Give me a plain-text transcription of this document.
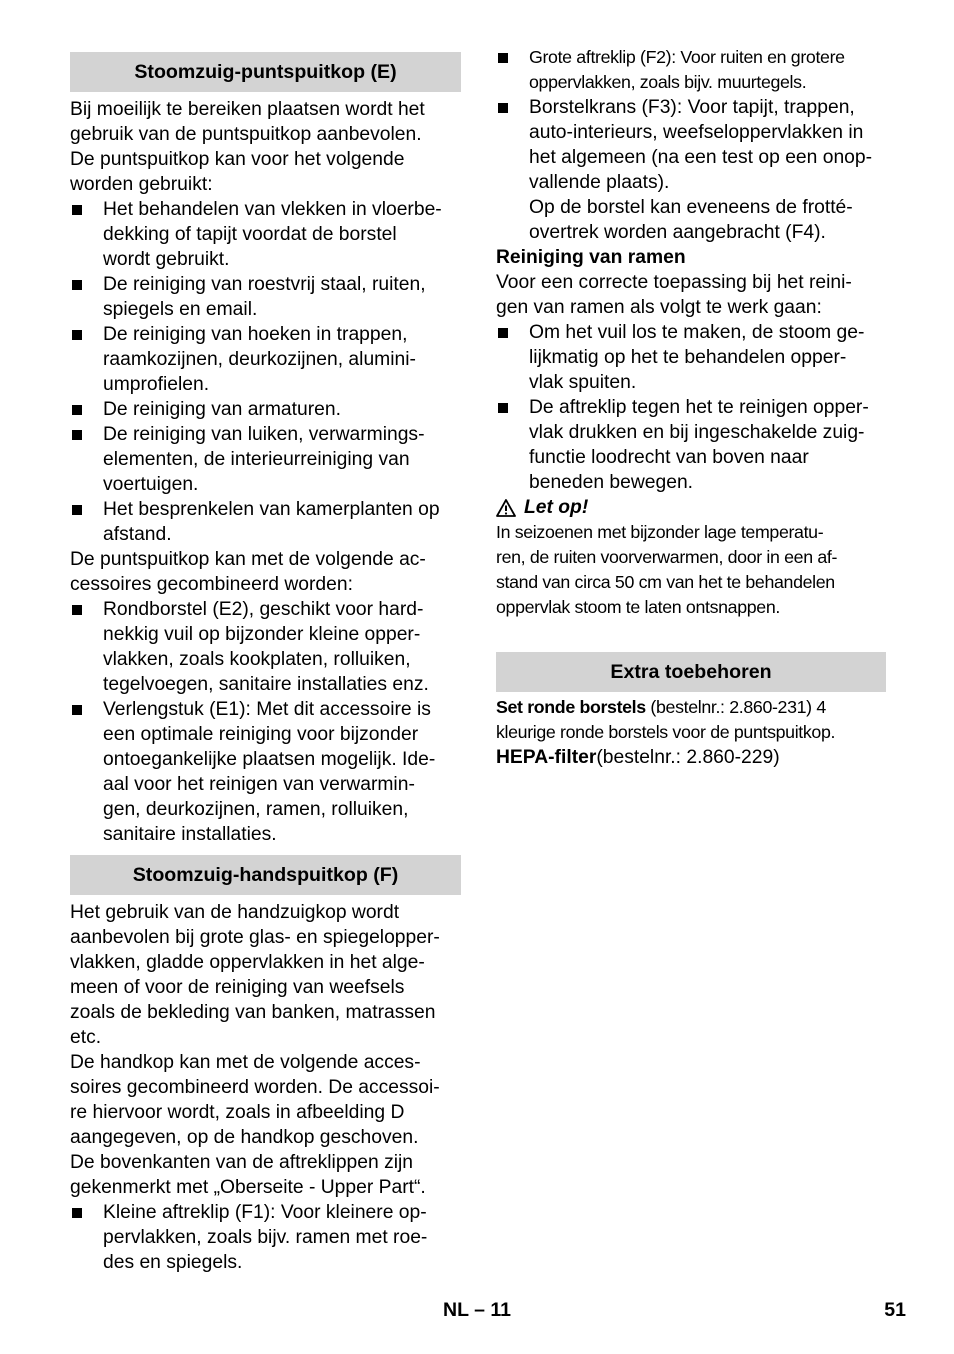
Stoomzuig-puntspuitkop (E)

Bij moeilijk te bereiken plaatsen wordt het
gebruik van de puntspuitkop aanbevolen.
De puntspuitkop kan voor het volgende
worden gebruikt:

Het behandelen van vlekken in vloerbe-
dekking of tapijt voordat de borstel
wordt gebruikt.
De reiniging van roestvrij staal, ruiten,
spiegels en email.
De reiniging van hoeken in trappen,
raamkozijnen, deurkozijnen, alumini-
umprofielen.
De reiniging van armaturen.
De reiniging van luiken, verwarmings-
elementen, de interieurreiniging van
voertuigen.
Het besprenkelen van kamerplanten op
afstand.

De puntspuitkop kan met de volgende ac-
cessoires gecombineerd worden:

Rondborstel (E2), geschikt voor hard-
nekkig vuil op bijzonder kleine opper-
vlakken, zoals kookplaten, rolluiken,
tegelvoegen, sanitaire installaties enz.
Verlengstuk (E1): Met dit accessoire is
een optimale reiniging voor bijzonder
ontoegankelijke plaatsen mogelijk. Ide-
aal voor het reinigen van verwarmin-
gen, deurkozijnen, ramen, rolluiken,
sanitaire installaties.
Stoomzuig-handspuitkop (F)

Het gebruik van de handzuigkop wordt
aanbevolen bij grote glas- en spiegelopper-
vlakken, gladde oppervlakken in het alge-
meen of voor de reiniging van weefsels
zoals de bekleding van banken, matrassen
etc.

De handkop kan met de volgende acces-
soires gecombineerd worden. De accessoi-
re hiervoor wordt, zoals in afbeelding D
aangegeven, op de handkop geschoven.
De bovenkanten van de aftreklippen zijn
gekenmerkt met „Oberseite - Upper Part“.

Kleine aftreklip (F1): Voor kleinere op-
pervlakken, zoals bijv. ramen met roe-
des en spiegels.
Grote aftreklip (F2): Voor ruiten en grotere
oppervlakken, zoals bijv. muurtegels.
Borstelkrans (F3): Voor tapijt, trappen,
auto-interieurs, weefseloppervlakken in
het algemeen (na een test op een onop-
vallende plaats).

Op de borstel kan eveneens de frotté-
overtrek worden aangebracht (F4).

Reiniging van ramen

Voor een correcte toepassing bij het reini-
gen van ramen als volgt te werk gaan:

Om het vuil los te maken, de stoom ge-
lijkmatig op het te behandelen opper-
vlak spuiten.
De aftreklip tegen het te reinigen opper-
vlak drukken en bij ingeschakelde zuig-
functie loodrecht van boven naar
beneden bewegen.
Let op!

In seizoenen met bijzonder lage temperatu-
ren, de ruiten voorverwarmen, door in een af-
stand van circa 50 cm van het te behandelen
oppervlak stoom te laten ontsnappen.

Extra toebehoren

Set ronde borstels (bestelnr.: 2.860-231) 4
kleurige ronde borstels voor de puntspuitkop.

HEPA-filter(bestelnr.: 2.860-229)

NL – 11	51
